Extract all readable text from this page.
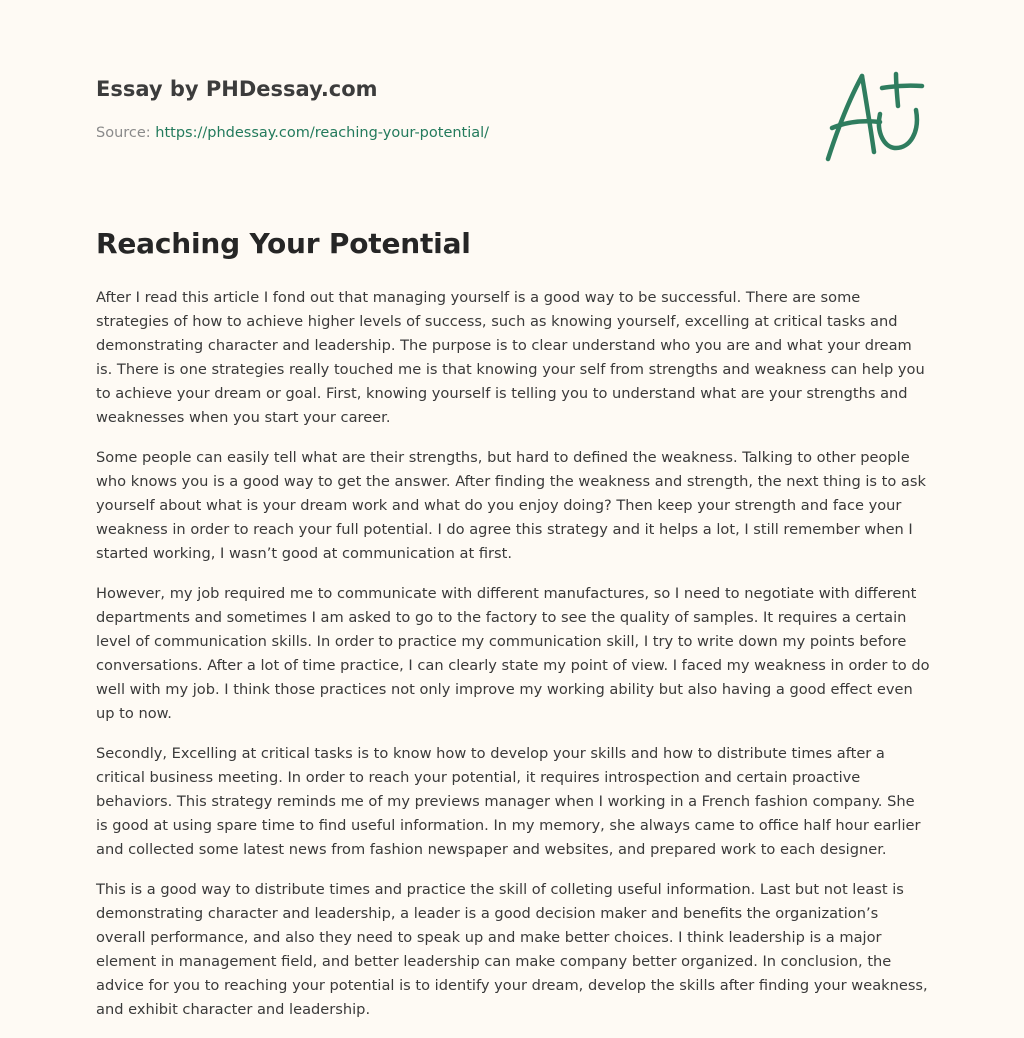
Essay by PHDessay.com
Source: https://phdessay.com/reaching-your-potential/
Reaching Your Potential

After I read this article I fond out that managing yourself is a good way to be successful. There are some strategies of how to achieve higher levels of success, such as knowing yourself, excelling at critical tasks and demonstrating character and leadership. The purpose is to clear understand who you are and what your dream is. There is one strategies really touched me is that knowing your self from strengths and weakness can help you to achieve your dream or goal. First, knowing yourself is telling you to understand what are your strengths and weaknesses when you start your career.

Some people can easily tell what are their strengths, but hard to defined the weakness. Talking to other people who knows you is a good way to get the answer. After finding the weakness and strength, the next thing is to ask yourself about what is your dream work and what do you enjoy doing? Then keep your strength and face your weakness in order to reach your full potential. I do agree this strategy and it helps a lot, I still remember when I started working, I wasn’t good at communication at first.

However, my job required me to communicate with different manufactures, so I need to negotiate with different departments and sometimes I am asked to go to the factory to see the quality of samples. It requires a certain level of communication skills. In order to practice my communication skill, I try to write down my points before conversations. After a lot of time practice, I can clearly state my point of view. I faced my weakness in order to do well with my job. I think those practices not only improve my working ability but also having a good effect even up to now.

Secondly, Excelling at critical tasks is to know how to develop your skills and how to distribute times after a critical business meeting. In order to reach your potential, it requires introspection and certain proactive behaviors. This strategy reminds me of my previews manager when I working in a French fashion company. She is good at using spare time to find useful information. In my memory, she always came to office half hour earlier and collected some latest news from fashion newspaper and websites, and prepared work to each designer.

This is a good way to distribute times and practice the skill of colleting useful information. Last but not least is demonstrating character and leadership, a leader is a good decision maker and benefits the organization’s overall performance, and also they need to speak up and make better choices. I think leadership is a major element in management field, and better leadership can make company better organized. In conclusion, the advice for you to reaching your potential is to identify your dream, develop the skills after finding your weakness, and exhibit character and leadership.
